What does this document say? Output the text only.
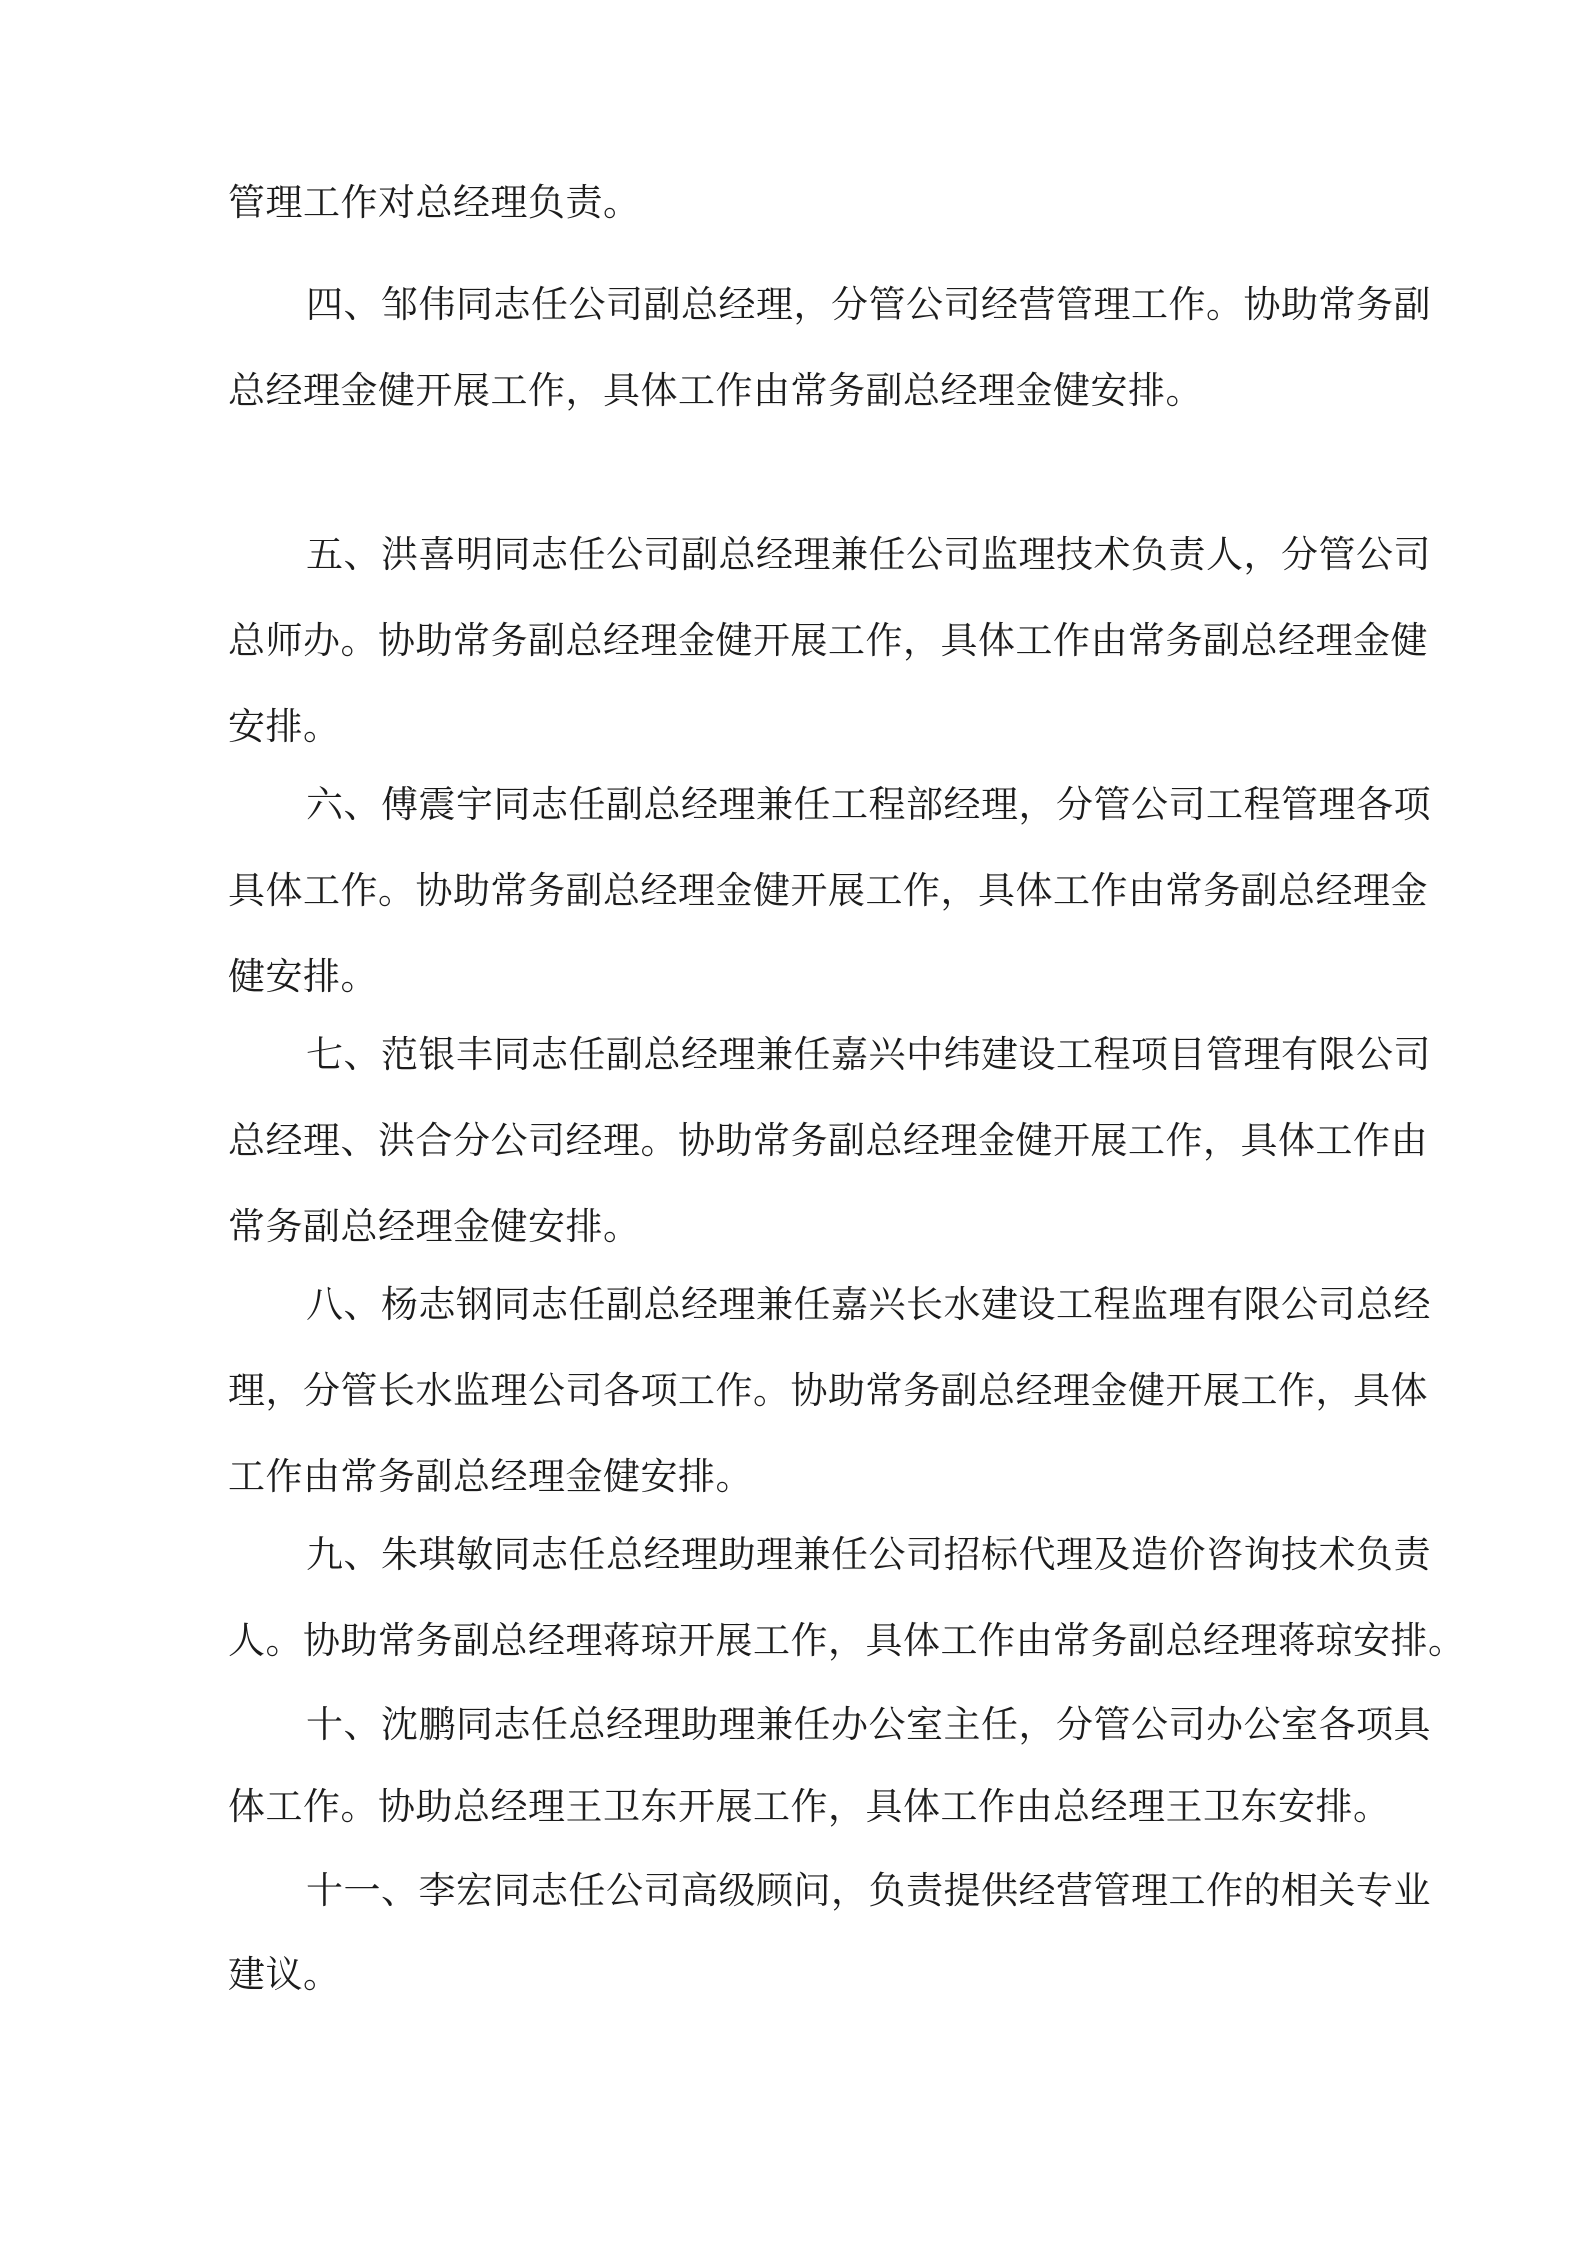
管理工作对总经理负责。

四、邹伟同志任公司副总经理，分管公司经营管理工作。协助常务副

总经理金健开展工作，具体工作由常务副总经理金健安排。

五、洪喜明同志任公司副总经理兼任公司监理技术负责人，分管公司

总师办。协助常务副总经理金健开展工作，具体工作由常务副总经理金健

安排。

六、傅震宇同志任副总经理兼任工程部经理，分管公司工程管理各项

具体工作。协助常务副总经理金健开展工作，具体工作由常务副总经理金

健安排。

七、范银丰同志任副总经理兼任嘉兴中纬建设工程项目管理有限公司

总经理、洪合分公司经理。协助常务副总经理金健开展工作，具体工作由

常务副总经理金健安排。

八、杨志钢同志任副总经理兼任嘉兴长水建设工程监理有限公司总经

理，分管长水监理公司各项工作。协助常务副总经理金健开展工作，具体

工作由常务副总经理金健安排。

九、朱琪敏同志任总经理助理兼任公司招标代理及造价咨询技术负责

人。协助常务副总经理蒋琼开展工作，具体工作由常务副总经理蒋琼安排。

十、沈鹏同志任总经理助理兼任办公室主任，分管公司办公室各项具

体工作。协助总经理王卫东开展工作，具体工作由总经理王卫东安排。

十一、李宏同志任公司高级顾问，负责提供经营管理工作的相关专业

建议。
